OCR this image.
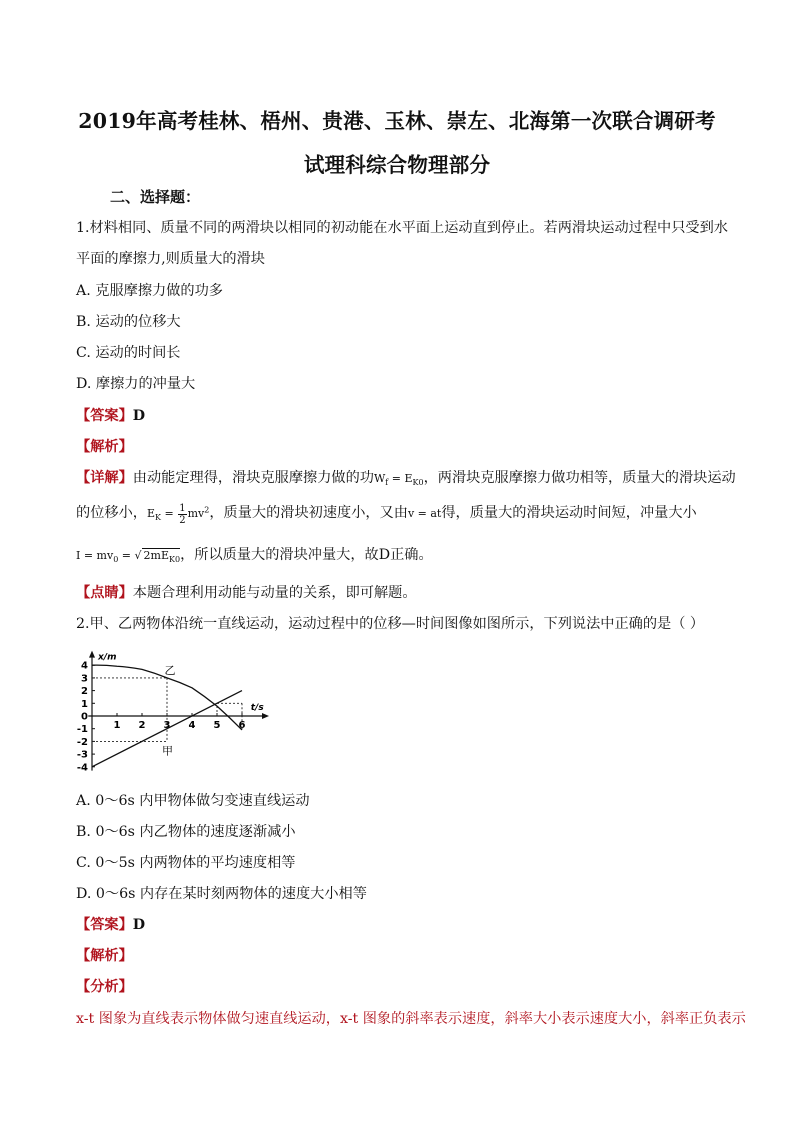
2019年高考桂林、梧州、贵港、玉林、崇左、北海第一次联合调研考
试理科综合物理部分
二、选择题：
1.材料相同、质量不同的两滑块以相同的初动能在水平面上运动直到停止。若两滑块运动过程中只受到水
平面的摩擦力,则质量大的滑块
A. 克服摩擦力做的功多
B. 运动的位移大
C. 运动的时间长
D. 摩擦力的冲量大
【答案】D
【解析】
【详解】由动能定理得，滑块克服摩擦力做的功$W_f = E_{K0}$，两滑块克服摩擦力做功相等，质量大的滑块运动
的位移小，$E_K = \frac{1}{2} mv^2$，质量大的滑块初速度小，又由v = at得，质量大的滑块运动时间短，冲量大小
$I = mv_0$ = √ $2mE_{K0}$，所以质量大的滑块冲量大，故D正确。
【点睛】本题合理利用动能与动量的关系，即可解题。
2.甲、乙两物体沿统一直线运动，运动过程中的位移—时间图像如图所示，下列说法中正确的是（ ）
x/m
t/s
4
3
2
1
0
-1
-2
-3
-4
1 2 3 4 5 6
乙
甲
A. 0～6s 内甲物体做匀变速直线运动
B. 0～6s 内乙物体的速度逐渐减小
C. 0～5s 内两物体的平均速度相等
D. 0～6s 内存在某时刻两物体的速度大小相等
【答案】D
【解析】
【分析】
x-t 图象为直线表示物体做匀速直线运动，x-t 图象的斜率表示速度，斜率大小表示速度大小，斜率正负表示
